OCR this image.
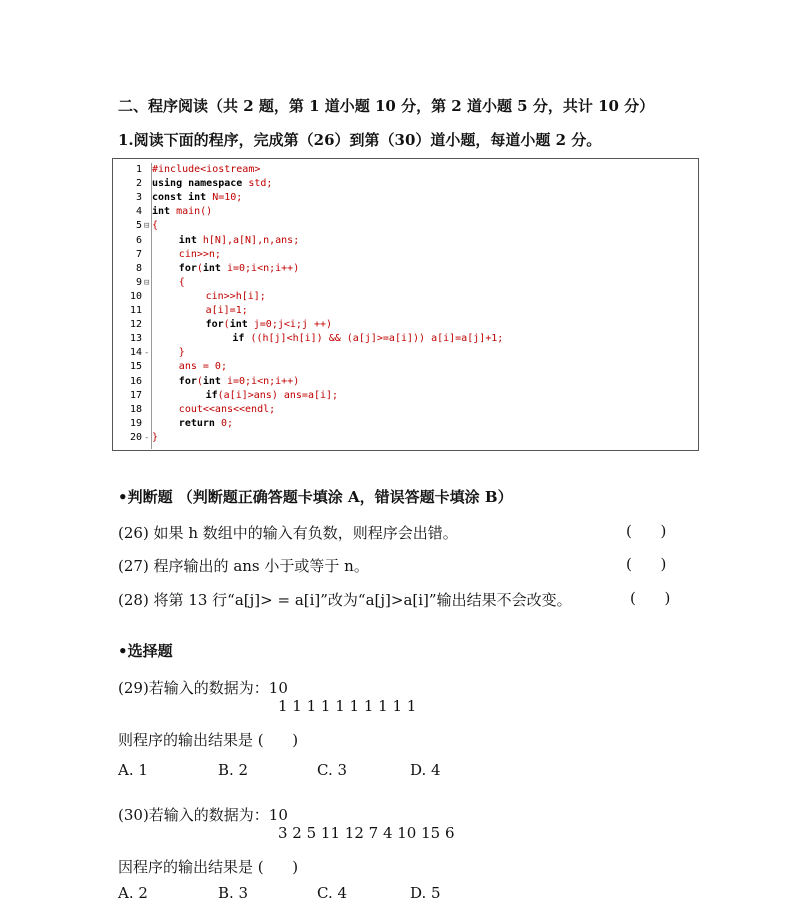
二、程序阅读（共 2 题，第 1 道小题 10 分，第 2 道小题 5 分，共计 10 分）
1.阅读下面的程序，完成第（26）到第（30）道小题，每道小题 2 分。
1 #include<iostream>
2 using namespace std;
3 const int N=10;
4 int main()
5 ⊟ {
6	int h[N],a[N],n,ans;
7	cin>>n;
8	for(int i=0;i<n;i++)
9 ⊟	{
10	cin>>h[i];
11	a[i]=1;
12	for(int j=0;j<i;j ++)
13	if ((h[j]<h[i]) && (a[j]>=a[i])) a[i]=a[j]+1;
14 -	}
15	ans = 0;
16	for(int i=0;i<n;i++)
17	if(a[i]>ans) ans=a[i];
18	cout<<ans<<endl;
19	return 0;
20 - }
•判断题 （判断题正确答题卡填涂 A，错误答题卡填涂 B）
(26) 如果 h 数组中的输入有负数，则程序会出错。	(      )
(27) 程序输出的 ans 小于或等于 n。	(      )
(28) 将第 13 行“a[j]> = a[i]”改为“a[j]>a[i]”输出结果不会改变。	(      )
•选择题
(29)若输入的数据为：10
1 1 1 1 1 1 1 1 1 1
则程序的输出结果是 (      )
A. 1	B. 2	C. 3	D. 4
(30)若输入的数据为：10
3 2 5 11 12 7 4 10 15 6
因程序的输出结果是 (      )
A. 2	B. 3	C. 4	D. 5
